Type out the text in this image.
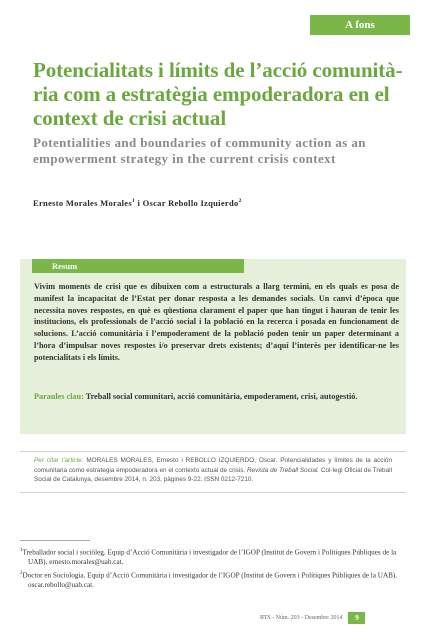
A fons
Potencialitats i límits de l’acció comunitària com a estratègia empoderadora en el context de crisi actual
Potentialities and boundaries of community action as an empowerment strategy in the current crisis context
Ernesto Morales Morales$^1$ i Oscar Rebollo Izquierdo$^2$
Resum

Vivim moments de crisi que es dibuixen com a estructurals a llarg termini, en els quals es posa de manifest la incapacitat de l’Estat per donar resposta a les demandes socials. Un canvi d’època que necessita noves respostes, en què es qüestiona clarament el paper que han tingut i hauran de tenir les institucions, els professionals de l’acció social i la població en la recerca i posada en funcionament de solucions. L’acció comunitària i l’empoderament de la població poden tenir un paper determinant a l’hora d’impulsar noves respostes i/o preservar drets existents; d’aquí l’interès per identificar-ne les potencialitats i els límits.

Paraules clau: Treball social comunitari, acció comunitària, empoderament, crisi, autogestió.

Per citar l’article: MORALES MORALES, Ernesto i REBOLLO IZQUIERDO, Oscar. Potencialidades y límites de la acción comunitaria como estrategia empoderadora en el contexto actual de crisis. Revista de Treball Social. Col·legi Oficial de Treball Social de Catalunya, desembre 2014, n. 203, pàgines 9-22. ISSN 0212-7210.

$^1$Treballador social i sociòleg. Equip d’Acció Comunitària i investigador de l’IGOP (Institut de Govern i Polítiques Públiques de la UAB). ernesto.morales@uab.cat.

$^2$Doctor en Sociologia. Equip d’Acció Comunitària i investigador de l’IGOP (Institut de Govern i Polítiques Públiques de la UAB). oscar.rebollo@uab.cat.

RTS - Núm. 203 - Desembre 2014	9
